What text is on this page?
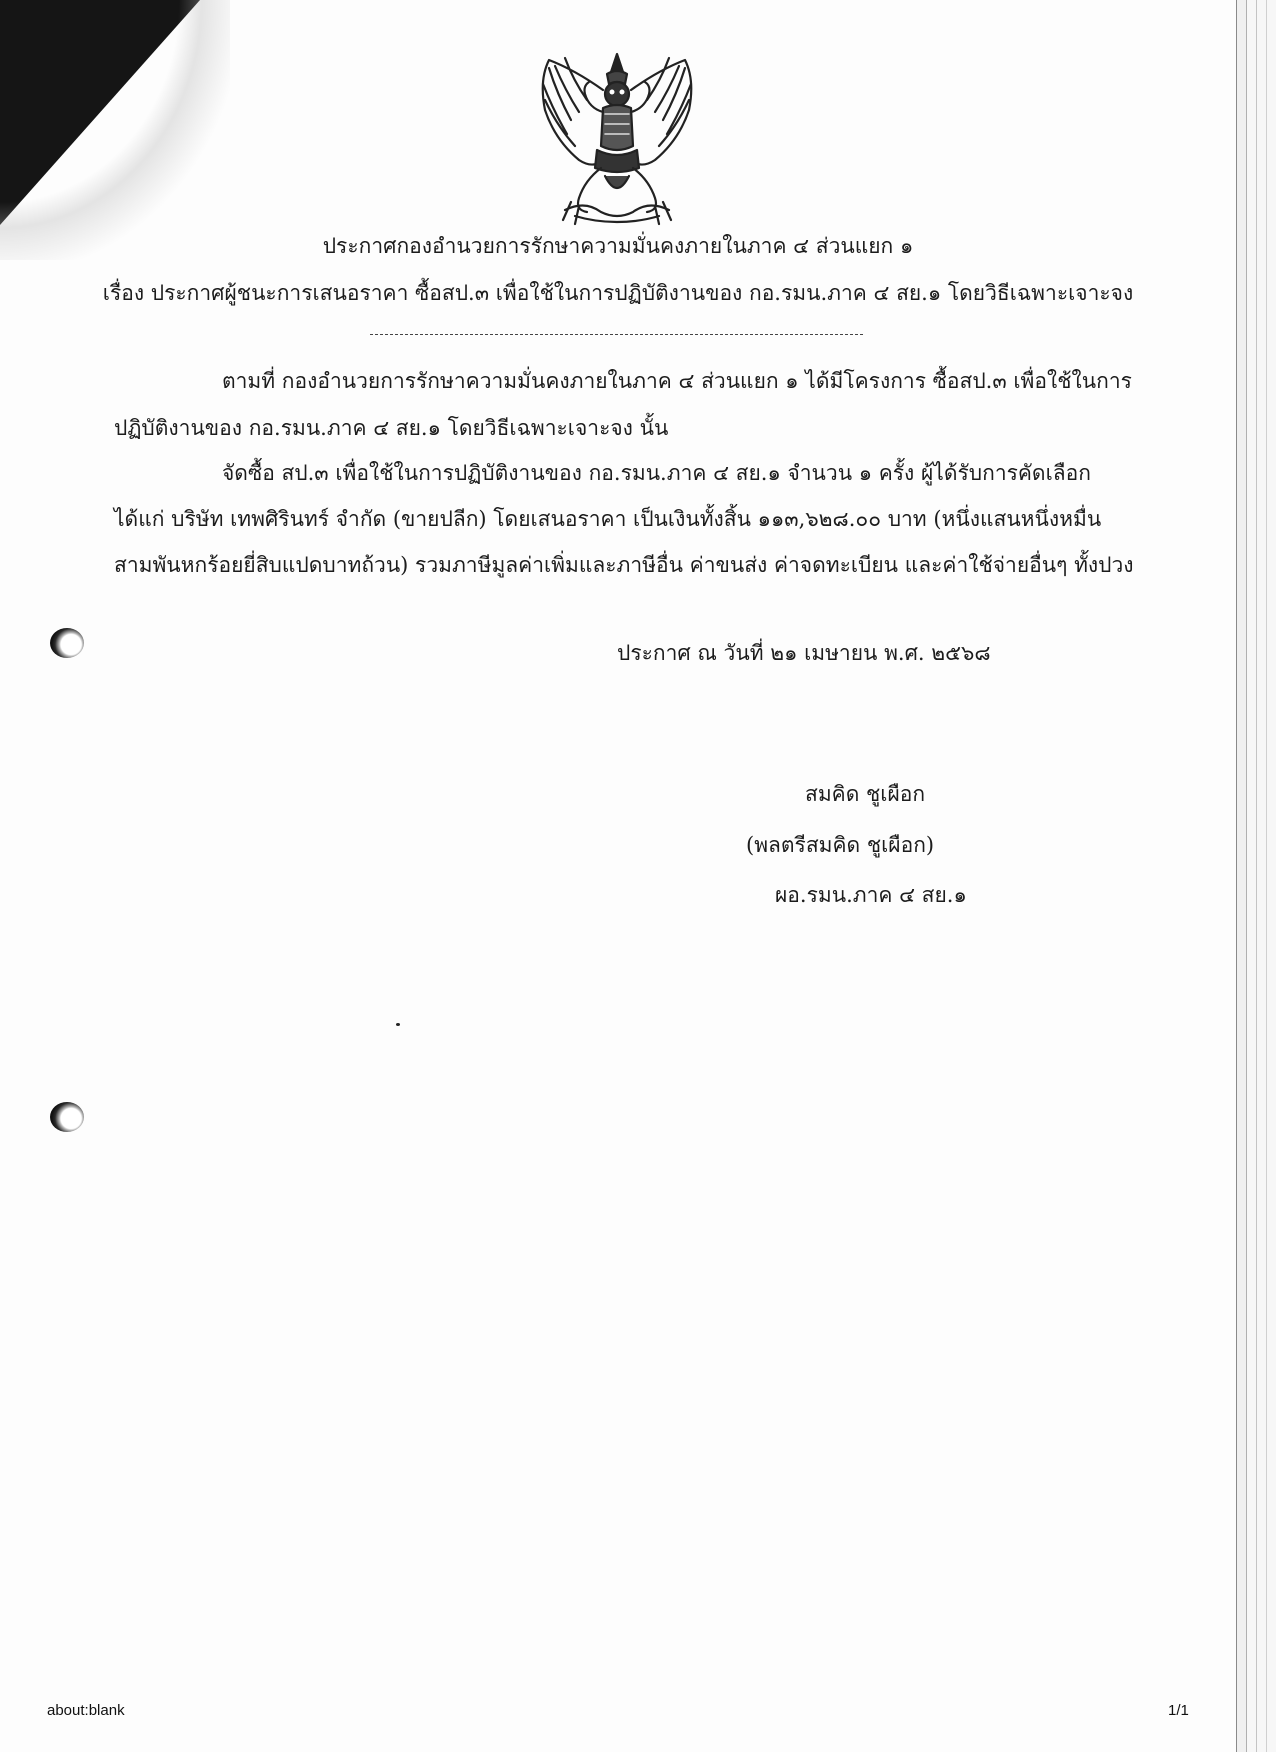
ประกาศกองอำนวยการรักษาความมั่นคงภายในภาค ๔ ส่วนแยก ๑
เรื่อง ประกาศผู้ชนะการเสนอราคา ซื้อสป.๓ เพื่อใช้ในการปฏิบัติงานของ กอ.รมน.ภาค ๔ สย.๑ โดยวิธีเฉพาะเจาะจง
ตามที่ กองอำนวยการรักษาความมั่นคงภายในภาค ๔ ส่วนแยก ๑ ได้มีโครงการ ซื้อสป.๓ เพื่อใช้ในการ
ปฏิบัติงานของ กอ.รมน.ภาค ๔ สย.๑ โดยวิธีเฉพาะเจาะจง นั้น
จัดซื้อ สป.๓ เพื่อใช้ในการปฏิบัติงานของ กอ.รมน.ภาค ๔ สย.๑ จำนวน ๑ ครั้ง ผู้ได้รับการคัดเลือก
ได้แก่ บริษัท เทพศิรินทร์ จำกัด (ขายปลีก) โดยเสนอราคา เป็นเงินทั้งสิ้น ๑๑๓,๖๒๘.๐๐ บาท (หนึ่งแสนหนึ่งหมื่น
สามพันหกร้อยยี่สิบแปดบาทถ้วน) รวมภาษีมูลค่าเพิ่มและภาษีอื่น ค่าขนส่ง ค่าจดทะเบียน และค่าใช้จ่ายอื่นๆ ทั้งปวง
ประกาศ ณ วันที่ ๒๑ เมษายน พ.ศ. ๒๕๖๘
สมคิด ชูเผือก
(พลตรีสมคิด ชูเผือก)
ผอ.รมน.ภาค ๔ สย.๑
about:blank	1/1
